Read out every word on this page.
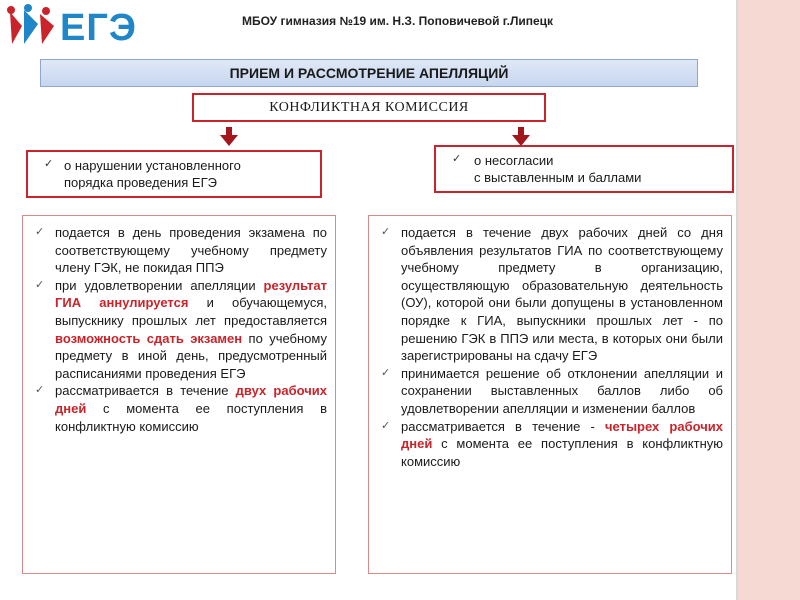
ЕГЭ	МБОУ гимназия №19 им. Н.З. Поповичевой г.Липецк
ПРИЕМ И РАССМОТРЕНИЕ АПЕЛЛЯЦИЙ
КОНФЛИКТНАЯ КОМИССИЯ
✓ о нарушении установленного
порядка проведения ЕГЭ
✓ о несогласии
с выставленным и баллами
✓ подается в день проведения экзамена по соответствующему учебному предмету члену ГЭК, не покидая ППЭ
✓ при удовлетворении апелляции результат ГИА аннулируется и обучающемуся, выпускнику прошлых лет предоставляется возможность сдать экзамен по учебному предмету в иной день, предусмотренный расписаниями проведения ЕГЭ
✓ рассматривается в течение двух рабочих дней с момента ее поступления в конфликтную комиссию
✓ подается в течение двух рабочих дней со дня объявления результатов ГИА по соответствующему учебному предмету в организацию, осуществляющую образовательную деятельность (ОУ), которой они были допущены в установленном порядке к ГИА, выпускники прошлых лет - по решению ГЭК в ППЭ или места, в которых они были зарегистрированы на сдачу ЕГЭ
✓ принимается решение об отклонении апелляции и сохранении выставленных баллов либо об удовлетворении апелляции и изменении баллов
✓ рассматривается в течение - четырех рабочих дней с момента ее поступления в конфликтную комиссию
